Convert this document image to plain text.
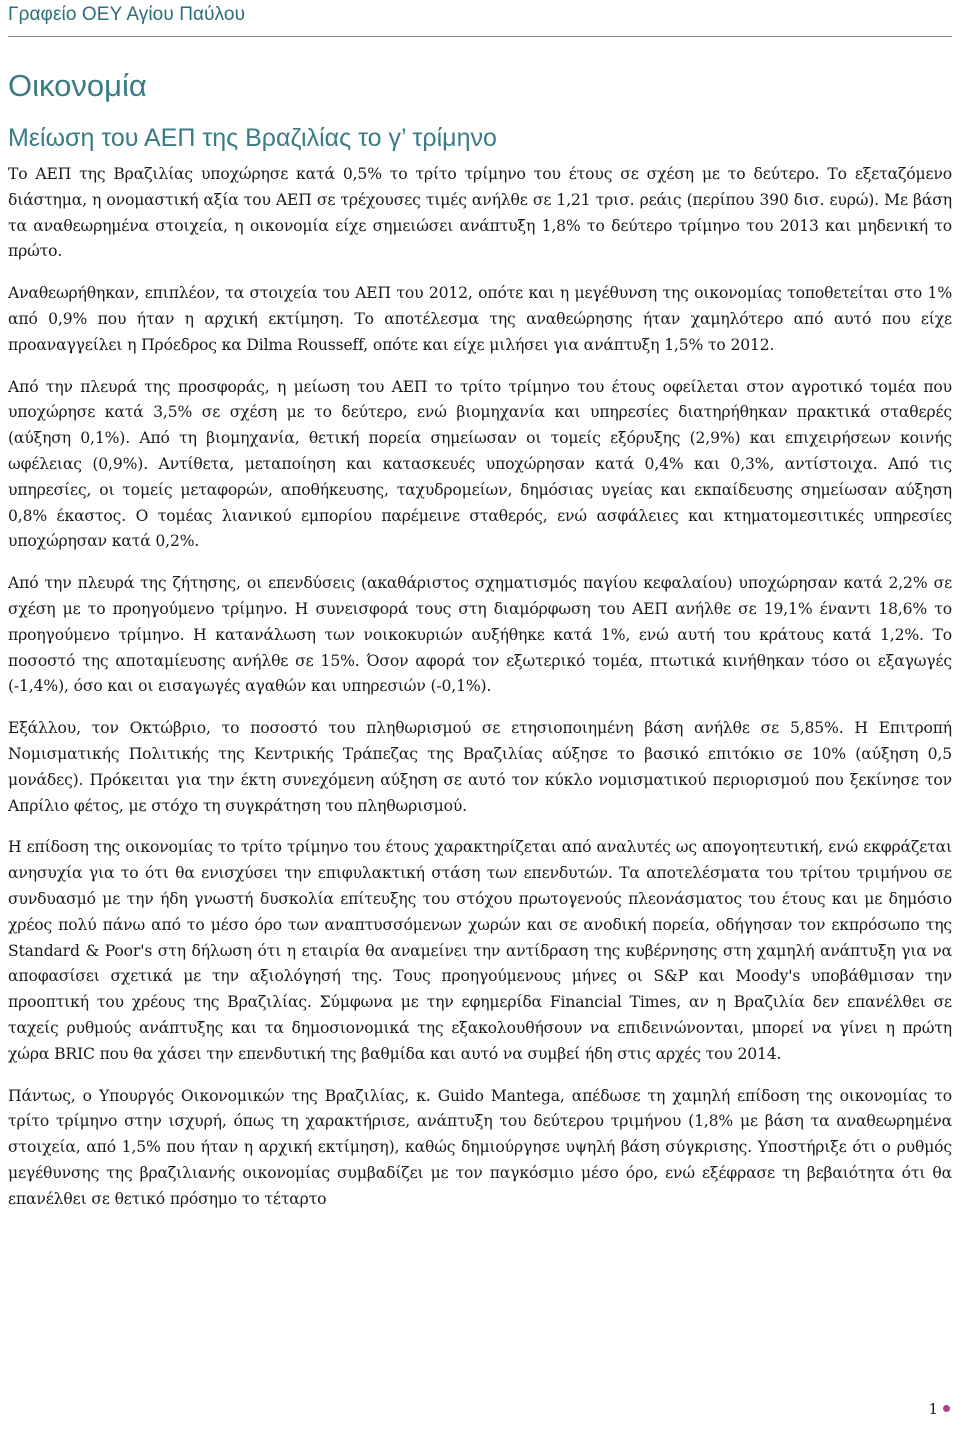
Γραφείο ΟΕΥ Αγίου Παύλου
Οικονομία
Μείωση του ΑΕΠ της Βραζιλίας το γ’ τρίμηνο

Το ΑΕΠ της Βραζιλίας υποχώρησε κατά 0,5% το τρίτο τρίμηνο του έτους σε σχέση με το δεύτερο. Το εξεταζόμενο διάστημα, η ονομαστική αξία του ΑΕΠ σε τρέχουσες τιμές ανήλθε σε 1,21 τρισ. ρεάις (περίπου 390 δισ. ευρώ). Με βάση τα αναθεωρημένα στοιχεία, η οικονομία είχε σημειώσει ανάπτυξη 1,8% το δεύτερο τρίμηνο του 2013 και μηδενική το πρώτο.

Αναθεωρήθηκαν, επιπλέον, τα στοιχεία του ΑΕΠ του 2012, οπότε και η μεγέθυνση της οικονομίας τοποθετείται στο 1% από 0,9% που ήταν η αρχική εκτίμηση. Το αποτέλεσμα της αναθεώρησης ήταν χαμηλότερο από αυτό που είχε προαναγγείλει η Πρόεδρος κα Dilma Rousseff, οπότε και είχε μιλήσει για ανάπτυξη 1,5% το 2012.

Από την πλευρά της προσφοράς, η μείωση του ΑΕΠ το τρίτο τρίμηνο του έτους οφείλεται στον αγροτικό τομέα που υποχώρησε κατά 3,5% σε σχέση με το δεύτερο, ενώ βιομηχανία και υπηρεσίες διατηρήθηκαν πρακτικά σταθερές (αύξηση 0,1%). Από τη βιομηχανία, θετική πορεία σημείωσαν οι τομείς εξόρυξης (2,9%) και επιχειρήσεων κοινής ωφέλειας (0,9%). Αντίθετα, μεταποίηση και κατασκευές υποχώρησαν κατά 0,4% και 0,3%, αντίστοιχα. Από τις υπηρεσίες, οι τομείς μεταφορών, αποθήκευσης, ταχυδρομείων, δημόσιας υγείας και εκπαίδευσης σημείωσαν αύξηση 0,8% έκαστος. Ο τομέας λιανικού εμπορίου παρέμεινε σταθερός, ενώ ασφάλειες και κτηματομεσιτικές υπηρεσίες υποχώρησαν κατά 0,2%.

Από την πλευρά της ζήτησης, οι επενδύσεις (ακαθάριστος σχηματισμός παγίου κεφαλαίου) υποχώρησαν κατά 2,2% σε σχέση με το προηγούμενο τρίμηνο. Η συνεισφορά τους στη διαμόρφωση του ΑΕΠ ανήλθε σε 19,1% έναντι 18,6% το προηγούμενο τρίμηνο. Η κατανάλωση των νοικοκυριών αυξήθηκε κατά 1%, ενώ αυτή του κράτους κατά 1,2%. Το ποσοστό της αποταμίευσης ανήλθε σε 15%. Όσον αφορά τον εξωτερικό τομέα, πτωτικά κινήθηκαν τόσο οι εξαγωγές (-1,4%), όσο και οι εισαγωγές αγαθών και υπηρεσιών (-0,1%).

Εξάλλου, τον Οκτώβριο, το ποσοστό του πληθωρισμού σε ετησιοποιημένη βάση ανήλθε σε 5,85%. Η Επιτροπή Νομισματικής Πολιτικής της Κεντρικής Τράπεζας της Βραζιλίας αύξησε το βασικό επιτόκιο σε 10% (αύξηση 0,5 μονάδες). Πρόκειται για την έκτη συνεχόμενη αύξηση σε αυτό τον κύκλο νομισματικού περιορισμού που ξεκίνησε τον Απρίλιο φέτος, με στόχο τη συγκράτηση του πληθωρισμού.

Η επίδοση της οικονομίας το τρίτο τρίμηνο του έτους χαρακτηρίζεται από αναλυτές ως απογοητευτική, ενώ εκφράζεται ανησυχία για το ότι θα ενισχύσει την επιφυλακτική στάση των επενδυτών. Τα αποτελέσματα του τρίτου τριμήνου σε συνδυασμό με την ήδη γνωστή δυσκολία επίτευξης του στόχου πρωτογενούς πλεονάσματος του έτους και με δημόσιο χρέος πολύ πάνω από το μέσο όρο των αναπτυσσόμενων χωρών και σε ανοδική πορεία, οδήγησαν τον εκπρόσωπο της Standard & Poor's στη δήλωση ότι η εταιρία θα αναμείνει την αντίδραση της κυβέρνησης στη χαμηλή ανάπτυξη για να αποφασίσει σχετικά με την αξιολόγησή της. Τους προηγούμενους μήνες οι S&P και Moody's υποβάθμισαν την προοπτική του χρέους της Βραζιλίας. Σύμφωνα με την εφημερίδα Financial Times, αν η Βραζιλία δεν επανέλθει σε ταχείς ρυθμούς ανάπτυξης και τα δημοσιονομικά της εξακολουθήσουν να επιδεινώνονται, μπορεί να γίνει η πρώτη χώρα BRIC που θα χάσει την επενδυτική της βαθμίδα και αυτό να συμβεί ήδη στις αρχές του 2014.

Πάντως, ο Υπουργός Οικονομικών της Βραζιλίας, κ. Guido Mantega, απέδωσε τη χαμηλή επίδοση της οικονομίας το τρίτο τρίμηνο στην ισχυρή, όπως τη χαρακτήρισε, ανάπτυξη του δεύτερου τριμήνου (1,8% με βάση τα αναθεωρημένα στοιχεία, από 1,5% που ήταν η αρχική εκτίμηση), καθώς δημιούργησε υψηλή βάση σύγκρισης. Υποστήριξε ότι ο ρυθμός μεγέθυνσης της βραζιλιανής οικονομίας συμβαδίζει με τον παγκόσμιο μέσο όρο, ενώ εξέφρασε τη βεβαιότητα ότι θα επανέλθει σε θετικό πρόσημο το τέταρτο

1
